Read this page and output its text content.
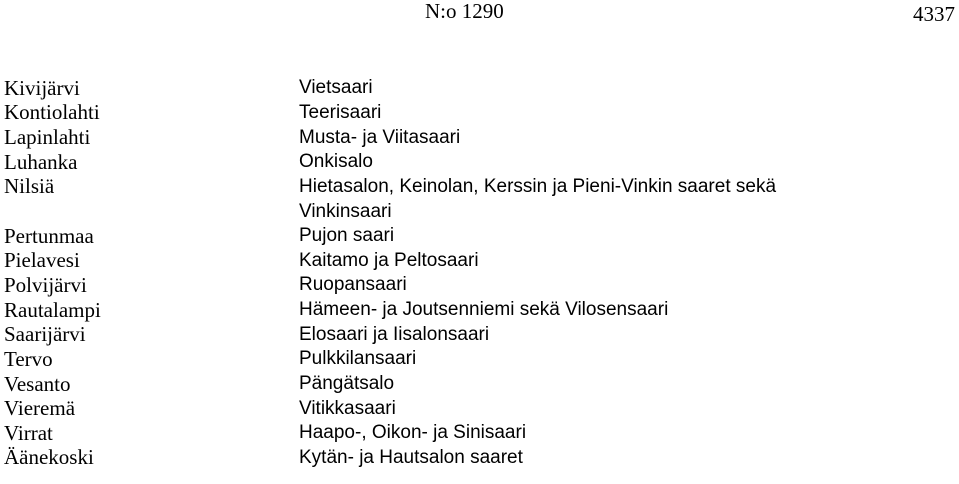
N:o 1290	4337
Kivijärvi	Vietsaari
Kontiolahti	Teerisaari
Lapinlahti	Musta- ja Viitasaari
Luhanka	Onkisalo
Nilsiä	Hietasalon, Keinolan, Kerssin ja Pieni-Vinkin saaret sekä
Vinkinsaari
Pertunmaa	Pujon saari
Pielavesi	Kaitamo ja Peltosaari
Polvijärvi	Ruopansaari
Rautalampi	Hämeen- ja Joutsenniemi sekä Vilosensaari
Saarijärvi	Elosaari ja Iisalonsaari
Tervo	Pulkkilansaari
Vesanto	Pängätsalo
Vieremä	Vitikkasaari
Virrat	Haapo-, Oikon- ja Sinisaari
Äänekoski	Kytän- ja Hautsalon saaret
